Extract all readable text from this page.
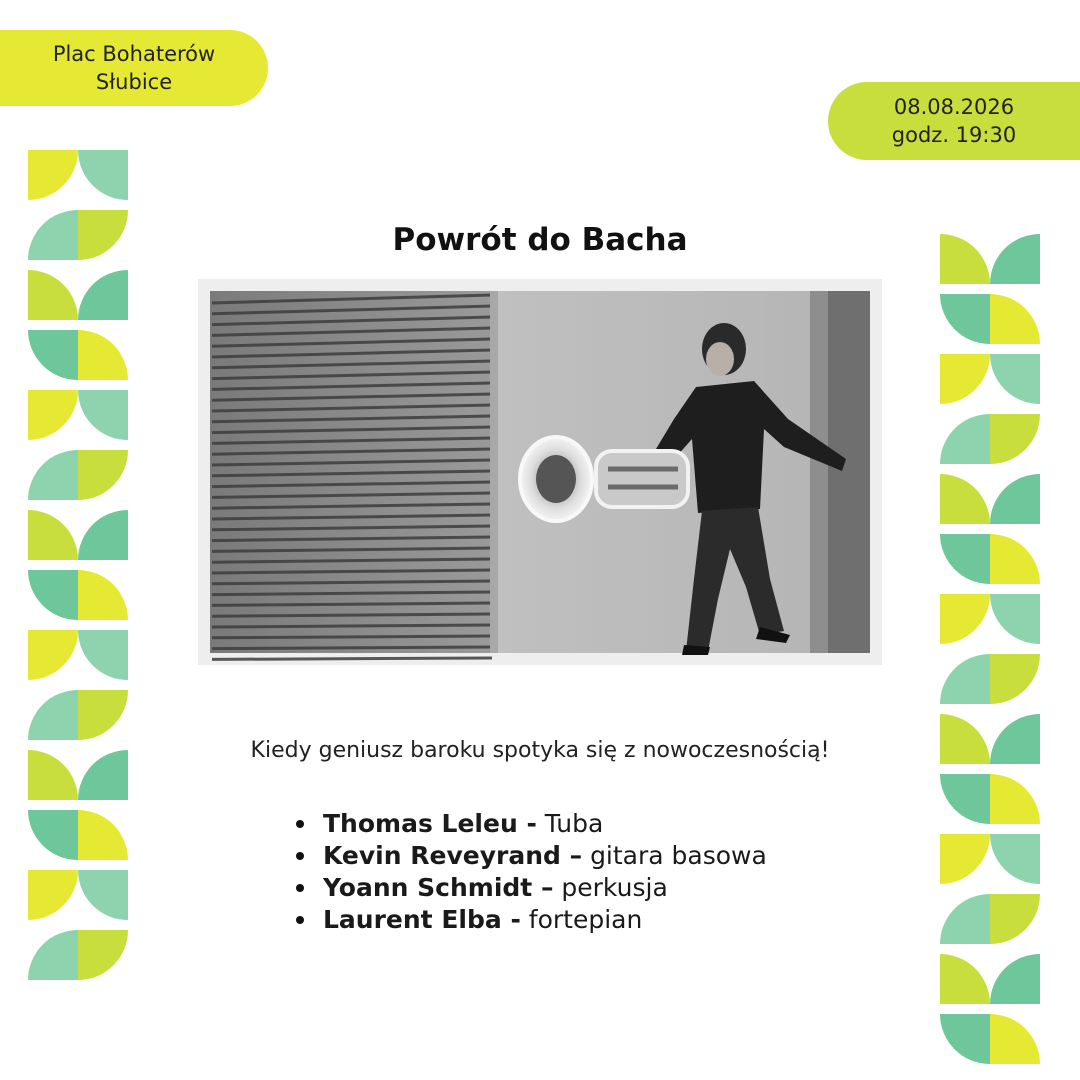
Plac Bohaterów
Słubice
08.08.2026
godz. 19:30
Powrót do Bacha
Kiedy geniusz baroku spotyka się z nowoczesnością!
Thomas Leleu - Tuba
Kevin Reveyrand – gitara basowa
Yoann Schmidt – perkusja
Laurent Elba - fortepian
